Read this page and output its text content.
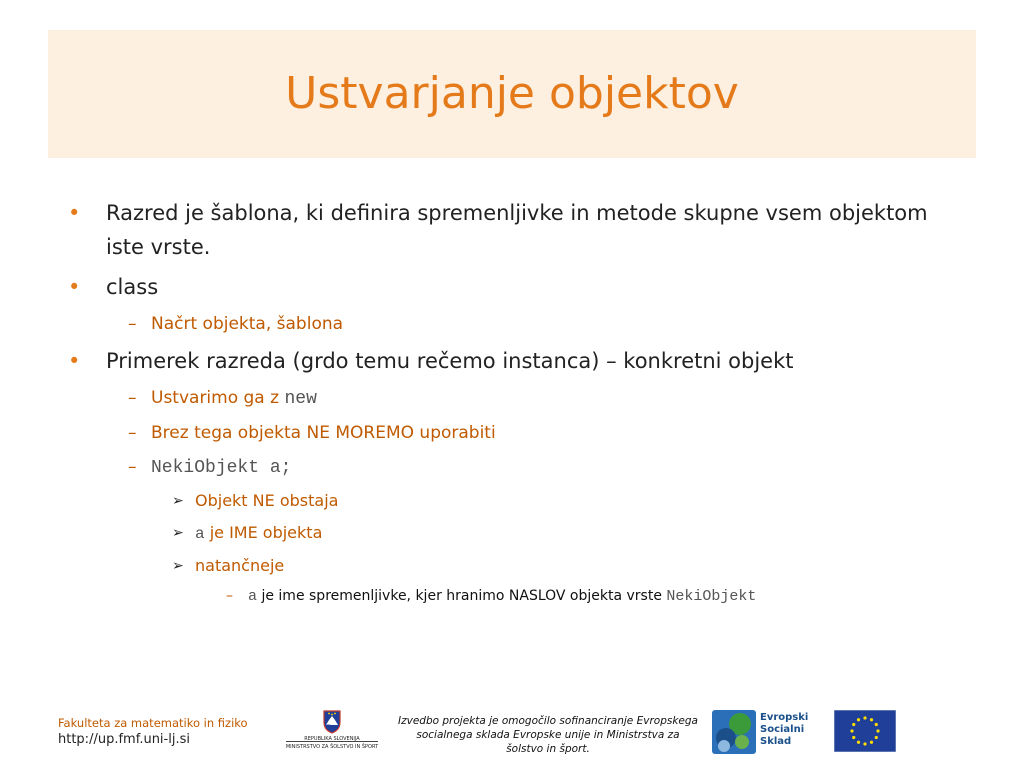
Ustvarjanje objektov
• Razred je šablona, ki definira spremenljivke in metode skupne vsem objektom iste vrste.
• class
– Načrt objekta, šablona
• Primerek razreda (grdo temu rečemo instanca) – konkretni objekt
– Ustvarimo ga z new
– Brez tega objekta NE MOREMO uporabiti
– NekiObjekt a;
➢ Objekt NE obstaja
➢ a je IME objekta
➢ natančneje
– a je ime spremenljivke, kjer hranimo NASLOV objekta vrste NekiObjekt
Fakulteta za matematiko in fiziko
http://up.fmf.uni-lj.si	REPUBLIKA SLOVENIJA
MINISTRSTVO ZA ŠOLSTVO IN ŠPORT
Izvedbo projekta je omogočilo sofinanciranje Evropskega socialnega sklada Evropske unije in Ministrstva za šolstvo in šport.
Evropski
Socialni
Sklad
